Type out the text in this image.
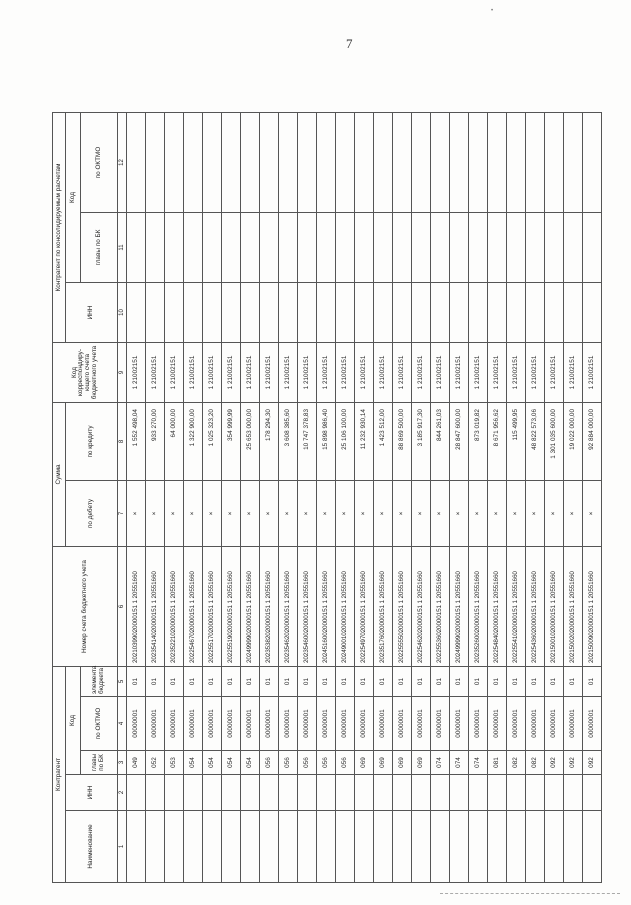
7
•
Контрагент					Номер счета бюджетного учета	Сумма		Код корреспондиру-ющего счета бюджетного учета	Контрагент по консолидируемым расчетам		
Наименование	ИНН	Код				по дебету	по кредиту		ИНН	Код	
		главы по БК	по ОКТМО	элемента бюджета						главы по БК	по ОКТМО
1	2	3	4	5	6	7	8	9	10	11	12
		049	00000001	01	20210399020000151 1 20551660	×	1 552 498,04	1 21002151			
		052	00000001	01	20235414020000151 1 20551660	×	933 270,00	1 21002151			
		053	00000001	01	20235221020000151 1 20551660	×	64 000,00	1 21002151			
		054	00000001	01	20225467020000151 1 20551660	×	1 322 900,00	1 21002151			
		054	00000001	01	20225517020000151 1 20551660	×	1 025 323,20	1 21002151			
		054	00000001	01	20225519020000151 1 20551660	×	354 999,99	1 21002151			
		054	00000001	01	20249999020000151 1 20551660	×	25 653 000,00	1 21002151			
		056	00000001	01	20235382020000151 1 20551660	×	178 294,30	1 21002151			
		056	00000001	01	20235462020000151 1 20551660	×	3 608 385,60	1 21002151			
		056	00000001	01	20235460020000151 1 20551660	×	10 747 378,83	1 21002151			
		056	00000001	01	20245160020000151 1 20551660	×	15 898 986,40	1 21002151			
		056	00000001	01	20249001020000151 1 20551660	×	25 106 100,00	1 21002151			
		069	00000001	01	20225497020000151 1 20551660	×	11 232 930,14	1 21002151			
		069	00000001	01	20235176020000151 1 20551660	×	1 423 512,00	1 21002151			
		069	00000001	01	20225555020000151 1 20551660	×	88 869 500,00	1 21002151			
		069	00000001	01	20225462020000151 1 20551660	×	3 185 917,30	1 21002151			
		074	00000001	01	20225536020000151 1 20551660	×	844 261,03	1 21002151			
		074	00000001	01	20249999020000151 1 20551660	×	28 847 600,00	1 21002151			
		074	00000001	01	20235260020000151 1 20551660	×	873 019,82	1 21002151			
		081	00000001	01	20225484020000151 1 20551660	×	8 671 956,62	1 21002151			
		082	00000001	01	20225541020000151 1 20551660	×	115 499,95	1 21002151			
		082	00000001	01	20225436020000151 1 20551660	×	48 822 573,06	1 21002151			
		092	00000001	01	20215001020000151 1 20551660	×	1 301 035 600,00	1 21002151			
		092	00000001	01	20215002020000151 1 20551660	×	19 022 000,00	1 21002151			
		092	00000001	01	20215009020000151 1 20551660	×	92 884 000,00	1 21002151			
